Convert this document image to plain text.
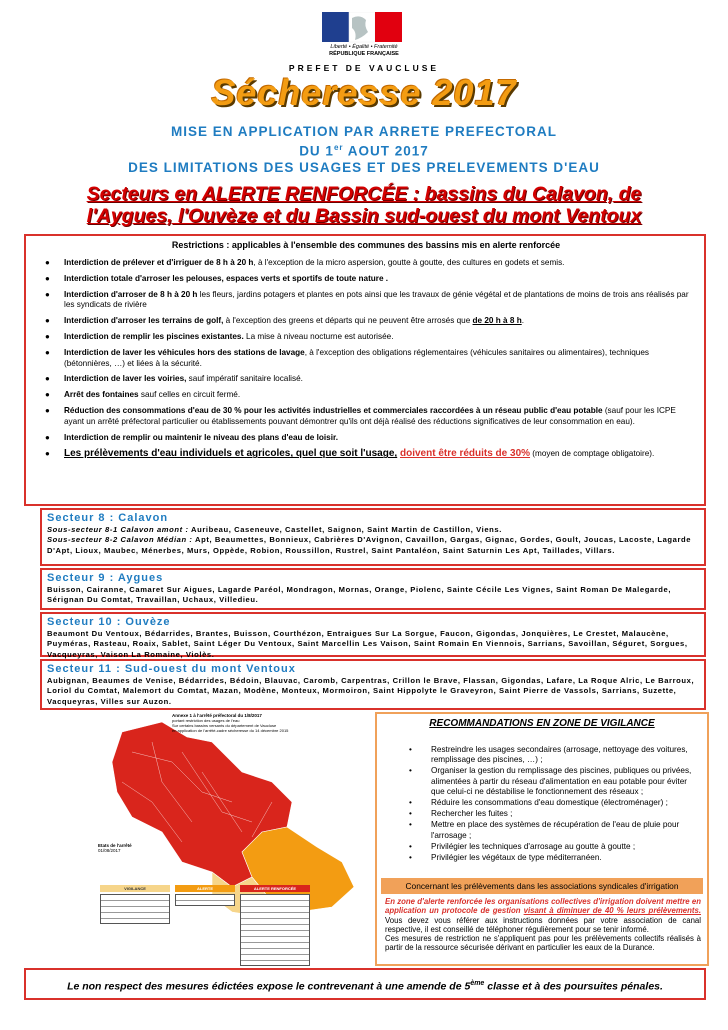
Liberté • Égalité • Fraternité
RÉPUBLIQUE FRANÇAISE
PREFET DE VAUCLUSE
Sécheresse 2017
MISE EN APPLICATION PAR ARRETE PREFECTORAL
DU 1er AOUT 2017
DES LIMITATIONS DES USAGES ET DES PRELEVEMENTS D'EAU
Secteurs en ALERTE RENFORCÉE : bassins du Calavon, de
l'Aygues, l'Ouvèze et du Bassin sud-ouest du mont Ventoux
Restrictions : applicables à l'ensemble des communes des bassins mis en alerte renforcée
● Interdiction de prélever et d'irriguer de 8 h à 20 h, à l'exception de la micro aspersion, goutte à goutte, des cultures en godets et semis.
● Interdiction totale d'arroser les pelouses, espaces verts et sportifs de toute nature .
● Interdiction d'arroser de 8 h à 20 h les fleurs, jardins potagers et plantes en pots ainsi que les travaux de génie végétal et de plantations de moins de trois ans réalisés par les syndicats de rivière
● Interdiction d'arroser les terrains de golf, à l'exception des greens et départs qui ne peuvent être arrosés que de 20 h à 8 h.
● Interdiction de remplir les piscines existantes. La mise à niveau nocturne est autorisée.
● Interdiction de laver les véhicules hors des stations de lavage, à l'exception des obligations réglementaires (véhicules sanitaires ou alimentaires), techniques (bétonnières, …) et liées à la sécurité.
● Interdiction de laver les voiries, sauf impératif sanitaire localisé.
● Arrêt des fontaines sauf celles en circuit fermé.
● Réduction des consommations d'eau de 30 % pour les activités industrielles et commerciales raccordées à un réseau public d'eau potable (sauf pour les ICPE ayant un arrêté préfectoral particulier ou établissements pouvant démontrer qu'ils ont déjà réalisé des réductions significatives de leur consommation en eau).
● Interdiction de remplir ou maintenir le niveau des plans d'eau de loisir.
● Les prélèvements d'eau individuels et agricoles, quel que soit l'usage, doivent être réduits de 30% (moyen de comptage obligatoire).
Secteur 8 : Calavon

Sous-secteur 8-1 Calavon amont : Auribeau, Caseneuve, Castellet, Saignon, Saint Martin de Castillon, Viens.
Sous-secteur 8-2 Calavon Médian : Apt, Beaumettes, Bonnieux, Cabrières D'Avignon, Cavaillon, Gargas, Gignac, Gordes, Goult, Joucas, Lacoste, Lagarde D'Apt, Lioux, Maubec, Ménerbes, Murs, Oppède, Robion, Roussillon, Rustrel, Saint Pantaléon, Saint Saturnin Les Apt, Taillades, Villars.

Secteur 9 : Aygues

Buisson, Cairanne, Camaret Sur Aigues, Lagarde Paréol, Mondragon, Mornas, Orange, Piolenc, Sainte Cécile Les Vignes, Saint Roman De Malegarde, Sérignan Du Comtat, Travaillan, Uchaux, Villedieu.

Secteur 10 : Ouvèze

Beaumont Du Ventoux, Bédarrides, Brantes, Buisson, Courthézon, Entraigues Sur La Sorgue, Faucon, Gigondas, Jonquières, Le Crestet, Malaucène, Puyméras, Rasteau, Roaix, Sablet, Saint Léger Du Ventoux, Saint Marcellin Les Vaison, Saint Romain En Viennois, Sarrians, Savoillan, Séguret, Sorgues, Vacqueyras, Vaison La Romaine, Violès.

Secteur 11 : Sud-ouest du mont Ventoux

Aubignan, Beaumes de Venise, Bédarrides, Bédoin, Blauvac, Caromb, Carpentras, Crillon le Brave, Flassan, Gigondas, Lafare, La Roque Alric, Le Barroux, Loriol du Comtat, Malemort du Comtat, Mazan, Modène, Monteux, Mormoiron, Saint Hippolyte le Graveyron, Saint Pierre de Vassols, Sarrians, Suzette, Vacqueyras, Villes sur Auzon.

Annexe 1 à l'arrêté préfectoral du 1/8/2017
portant restriction des usages de l'eau
Sur certains bassins versants du département de Vaucluse
en application de l'arrêté-cadre sécheresse du 14 décembre 2015
Etats de l'arrêté
01/08/2017
VIGILANCE	ALERTE	ALERTE RENFORCÉE
RECOMMANDATIONS EN ZONE DE VIGILANCE
• Restreindre les usages secondaires (arrosage, nettoyage des voitures, remplissage des piscines, …) ;
• Organiser la gestion du remplissage des piscines, publiques ou privées, alimentées à partir du réseau d'alimentation en eau potable pour éviter que celui-ci ne déstabilise le fonctionnement des réseaux ;
• Réduire les consommations d'eau domestique (électroménager) ;
• Rechercher les fuites ;
• Mettre en place des systèmes de récupération de l'eau de pluie pour l'arrosage ;
• Privilégier les techniques d'arrosage au goutte à goutte ;
• Privilégier les végétaux de type méditerranéen.
Concernant les prélèvements dans les associations syndicales d'irrigation
En zone d'alerte renforcée les organisations collectives d'irrigation doivent mettre en application un protocole de gestion visant à diminuer de 40 % leurs prélèvements. Vous devez vous référer aux instructions données par votre association de canal respective, il est conseillé de téléphoner régulièrement pour se tenir informé.
Ces mesures de restriction ne s'appliquent pas pour les prélèvements collectifs réalisés à partir de la ressource sécurisée dérivant en particulier les eaux de la Durance.
Le non respect des mesures édictées expose le contrevenant à une amende de 5ème classe et à des poursuites pénales.
